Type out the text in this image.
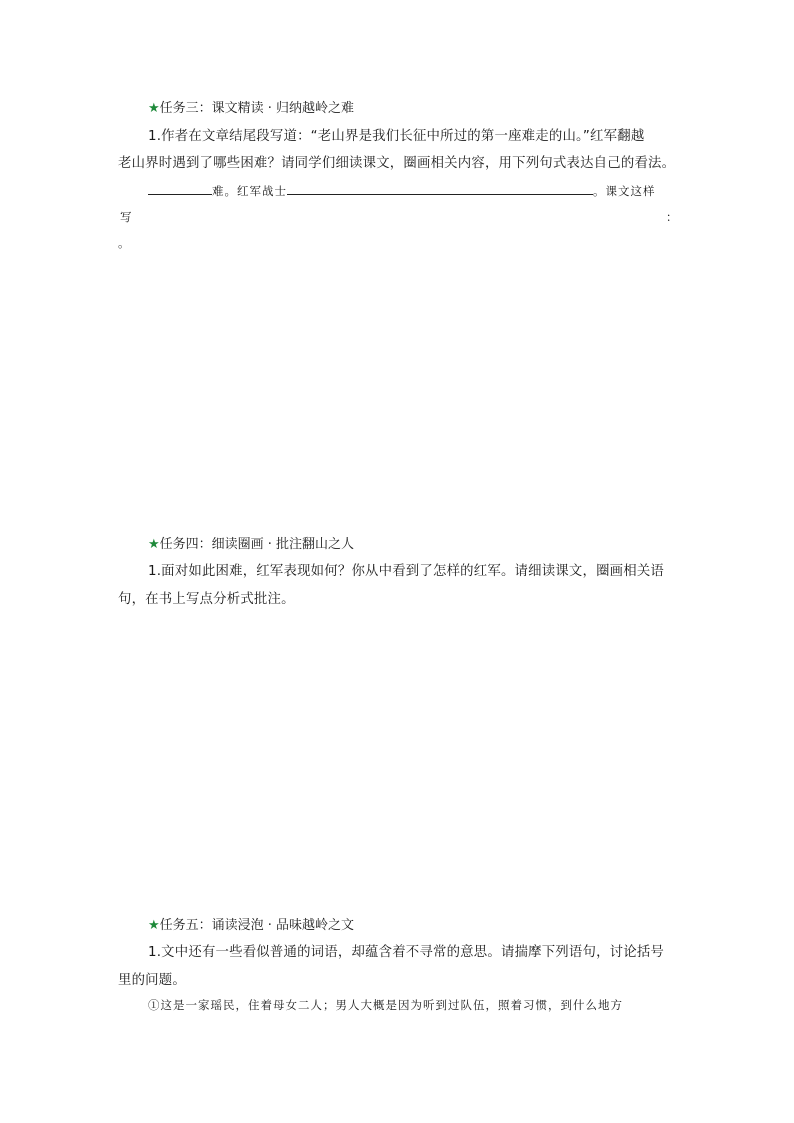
★任务三：课文精读 · 归纳越岭之难
1.作者在文章结尾段写道：“老山界是我们长征中所过的第一座难走的山。”红军翻越
老山界时遇到了哪些困难？请同学们细读课文，圈画相关内容，用下列句式表达自己的看法。
难。红军战士	。课文这样
写	：
。
★任务四：细读圈画 · 批注翻山之人
1.面对如此困难，红军表现如何？你从中看到了怎样的红军。请细读课文，圈画相关语
句，在书上写点分析式批注。
★任务五：诵读浸泡 · 品味越岭之文
1.文中还有一些看似普通的词语，却蕴含着不寻常的意思。请揣摩下列语句，讨论括号
里的问题。
①这是一家瑶民，住着母女二人；男人大概是因为听到过队伍，照着习惯，到什么地方
